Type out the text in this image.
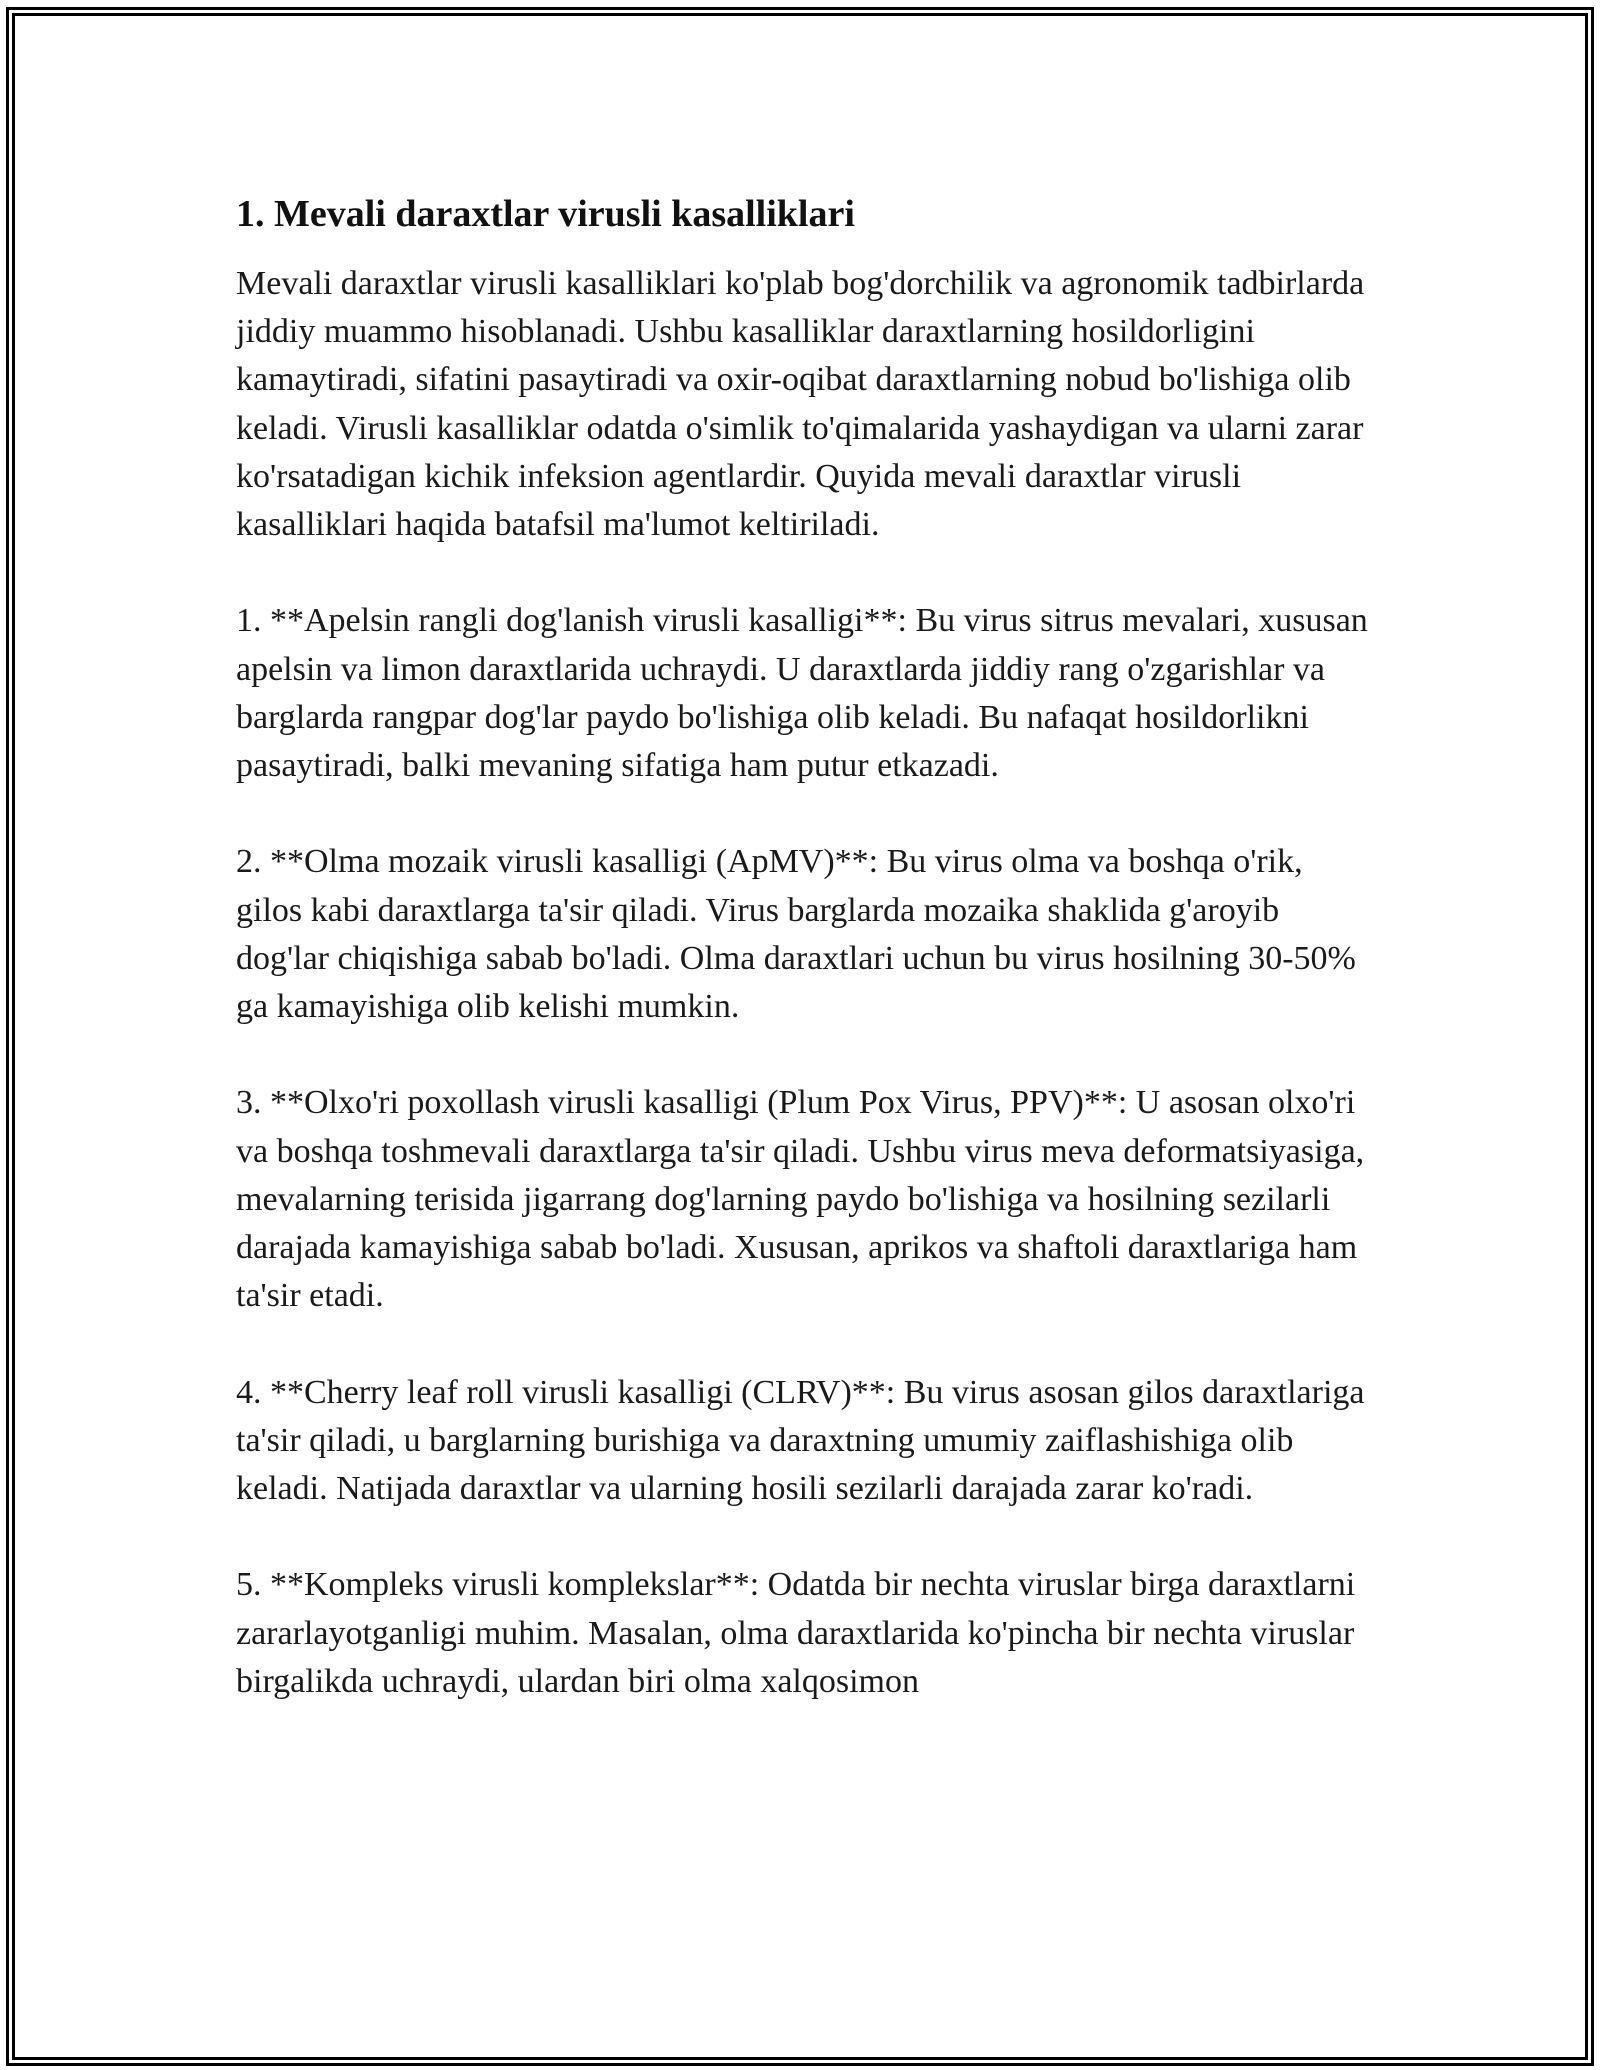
1. Mevali daraxtlar virusli kasalliklari

Mevali daraxtlar virusli kasalliklari ko'plab bog'dorchilik va agronomik tadbirlarda jiddiy muammo hisoblanadi. Ushbu kasalliklar daraxtlarning hosildorligini kamaytiradi, sifatini pasaytiradi va oxir-oqibat daraxtlarning nobud bo'lishiga olib keladi. Virusli kasalliklar odatda o'simlik to'qimalarida yashaydigan va ularni zarar ko'rsatadigan kichik infeksion agentlardir. Quyida mevali daraxtlar virusli kasalliklari haqida batafsil ma'lumot keltiriladi.

1. **Apelsin rangli dog'lanish virusli kasalligi**: Bu virus sitrus mevalari, xususan apelsin va limon daraxtlarida uchraydi. U daraxtlarda jiddiy rang o'zgarishlar va barglarda rangpar dog'lar paydo bo'lishiga olib keladi. Bu nafaqat hosildorlikni pasaytiradi, balki mevaning sifatiga ham putur etkazadi.

2. **Olma mozaik virusli kasalligi (ApMV)**: Bu virus olma va boshqa o'rik, gilos kabi daraxtlarga ta'sir qiladi. Virus barglarda mozaika shaklida g'aroyib dog'lar chiqishiga sabab bo'ladi. Olma daraxtlari uchun bu virus hosilning 30-50% ga kamayishiga olib kelishi mumkin.

3. **Olxo'ri poxollash virusli kasalligi (Plum Pox Virus, PPV)**: U asosan olxo'ri va boshqa toshmevali daraxtlarga ta'sir qiladi. Ushbu virus meva deformatsiyasiga, mevalarning terisida jigarrang dog'larning paydo bo'lishiga va hosilning sezilarli darajada kamayishiga sabab bo'ladi. Xususan, aprikos va shaftoli daraxtlariga ham ta'sir etadi.

4. **Cherry leaf roll virusli kasalligi (CLRV)**: Bu virus asosan gilos daraxtlariga ta'sir qiladi, u barglarning burishiga va daraxtning umumiy zaiflashishiga olib keladi. Natijada daraxtlar va ularning hosili sezilarli darajada zarar ko'radi.

5. **Kompleks virusli komplekslar**: Odatda bir nechta viruslar birga daraxtlarni zararlayotganligi muhim. Masalan, olma daraxtlarida ko'pincha bir nechta viruslar birgalikda uchraydi, ulardan biri olma xalqosimon
